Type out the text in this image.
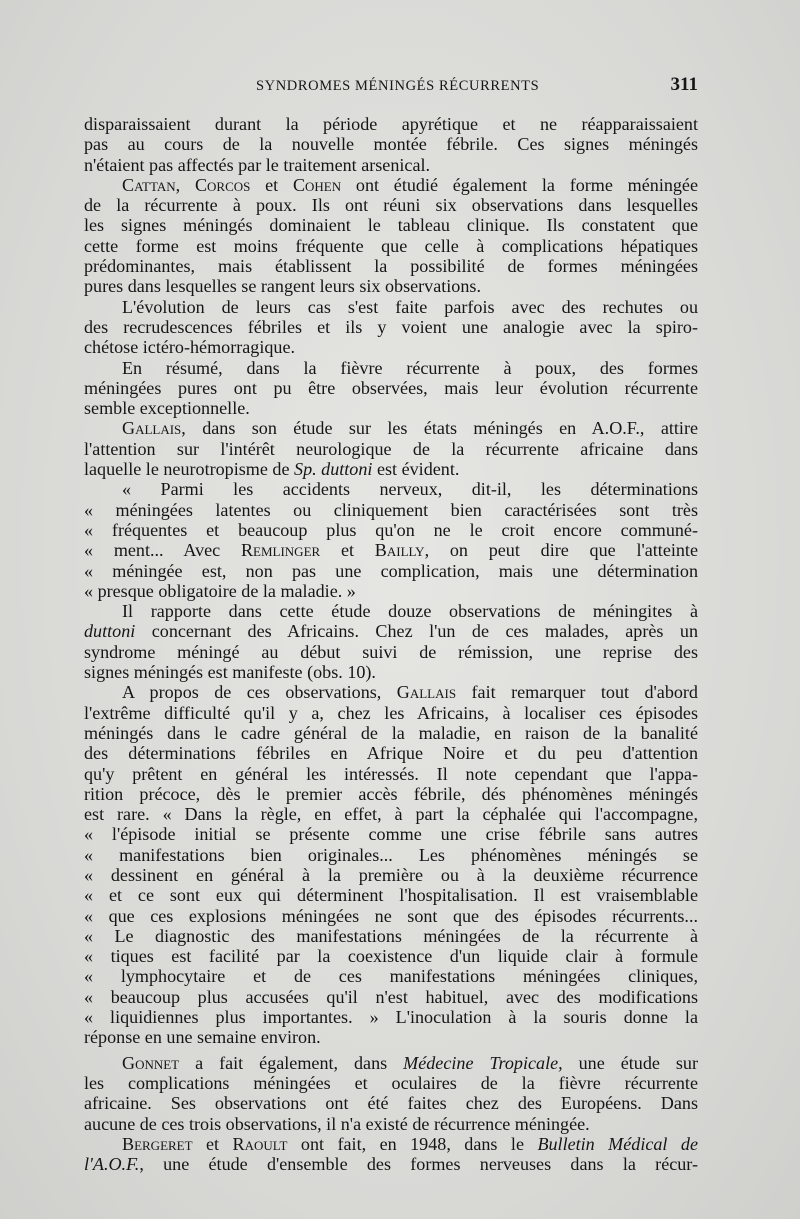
SYNDROMES MÉNINGÉS RÉCURRENTS	311
disparaissaient durant la période apyrétique et ne réapparaissaient
pas au cours de la nouvelle montée fébrile. Ces signes méningés
n'étaient pas affectés par le traitement arsenical.
Cattan, Corcos et Cohen ont étudié également la forme méningée
de la récurrente à poux. Ils ont réuni six observations dans lesquelles
les signes méningés dominaient le tableau clinique. Ils constatent que
cette forme est moins fréquente que celle à complications hépatiques
prédominantes, mais établissent la possibilité de formes méningées
pures dans lesquelles se rangent leurs six observations.
L'évolution de leurs cas s'est faite parfois avec des rechutes ou
des recrudescences fébriles et ils y voient une analogie avec la spiro-
chétose ictéro-hémorragique.
En résumé, dans la fièvre récurrente à poux, des formes
méningées pures ont pu être observées, mais leur évolution récurrente
semble exceptionnelle.
Gallais, dans son étude sur les états méningés en A.O.F., attire
l'attention sur l'intérêt neurologique de la récurrente africaine dans
laquelle le neurotropisme de Sp. duttoni est évident.
« Parmi les accidents nerveux, dit-il, les déterminations
« méningées latentes ou cliniquement bien caractérisées sont très
« fréquentes et beaucoup plus qu'on ne le croit encore communé-
« ment... Avec Remlinger et Bailly, on peut dire que l'atteinte
« méningée est, non pas une complication, mais une détermination
« presque obligatoire de la maladie. »
Il rapporte dans cette étude douze observations de méningites à
duttoni concernant des Africains. Chez l'un de ces malades, après un
syndrome méningé au début suivi de rémission, une reprise des
signes méningés est manifeste (obs. 10).
A propos de ces observations, Gallais fait remarquer tout d'abord
l'extrême difficulté qu'il y a, chez les Africains, à localiser ces épisodes
méningés dans le cadre général de la maladie, en raison de la banalité
des déterminations fébriles en Afrique Noire et du peu d'attention
qu'y prêtent en général les intéressés. Il note cependant que l'appa-
rition précoce, dès le premier accès fébrile, dés phénomènes méningés
est rare. « Dans la règle, en effet, à part la céphalée qui l'accompagne,
« l'épisode initial se présente comme une crise fébrile sans autres
« manifestations bien originales... Les phénomènes méningés se
« dessinent en général à la première ou à la deuxième récurrence
« et ce sont eux qui déterminent l'hospitalisation. Il est vraisemblable
« que ces explosions méningées ne sont que des épisodes récurrents...
« Le diagnostic des manifestations méningées de la récurrente à
« tiques est facilité par la coexistence d'un liquide clair à formule
« lymphocytaire et de ces manifestations méningées cliniques,
« beaucoup plus accusées qu'il n'est habituel, avec des modifications
« liquidiennes plus importantes. » L'inoculation à la souris donne la
réponse en une semaine environ.
Gonnet a fait également, dans Médecine Tropicale, une étude sur
les complications méningées et oculaires de la fièvre récurrente
africaine. Ses observations ont été faites chez des Européens. Dans
aucune de ces trois observations, il n'a existé de récurrence méningée.
Bergeret et Raoult ont fait, en 1948, dans le Bulletin Médical de
l'A.O.F., une étude d'ensemble des formes nerveuses dans la récur-
